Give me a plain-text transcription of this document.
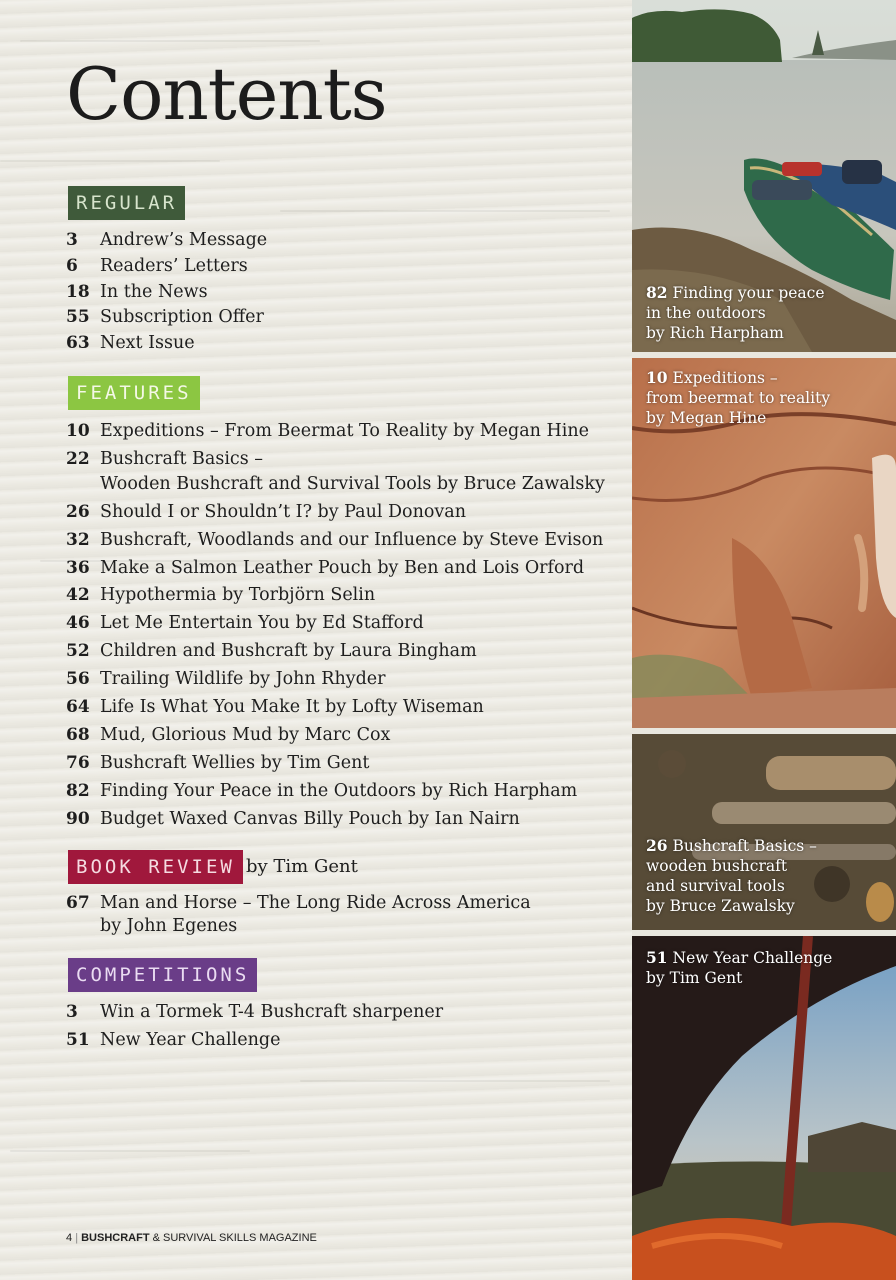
Contents
REGULAR
3 Andrew’s Message
6 Readers’ Letters
18 In the News
55 Subscription Offer
63 Next Issue
FEATURES
10 Expeditions – From Beermat To Reality by Megan Hine
22 Bushcraft Basics –
Wooden Bushcraft and Survival Tools by Bruce Zawalsky
26 Should I or Shouldn’t I? by Paul Donovan
32 Bushcraft, Woodlands and our Influence by Steve Evison
36 Make a Salmon Leather Pouch by Ben and Lois Orford
42 Hypothermia by Torbjörn Selin
46 Let Me Entertain You by Ed Stafford
52 Children and Bushcraft by Laura Bingham
56 Trailing Wildlife by John Rhyder
64 Life Is What You Make It by Lofty Wiseman
68 Mud, Glorious Mud by Marc Cox
76 Bushcraft Wellies by Tim Gent
82 Finding Your Peace in the Outdoors by Rich Harpham
90 Budget Waxed Canvas Billy Pouch by Ian Nairn
BOOK REVIEW by Tim Gent
67 Man and Horse – The Long Ride Across America
by John Egenes
COMPETITIONS
3 Win a Tormek T-4 Bushcraft sharpener
51 New Year Challenge
4 | BUSHCRAFT & SURVIVAL SKILLS MAGAZINE
82 Finding your peace
in the outdoors
by Rich Harpham
10 Expeditions –
from beermat to reality
by Megan Hine
26 Bushcraft Basics –
wooden bushcraft
and survival tools
by Bruce Zawalsky
51 New Year Challenge
by Tim Gent
